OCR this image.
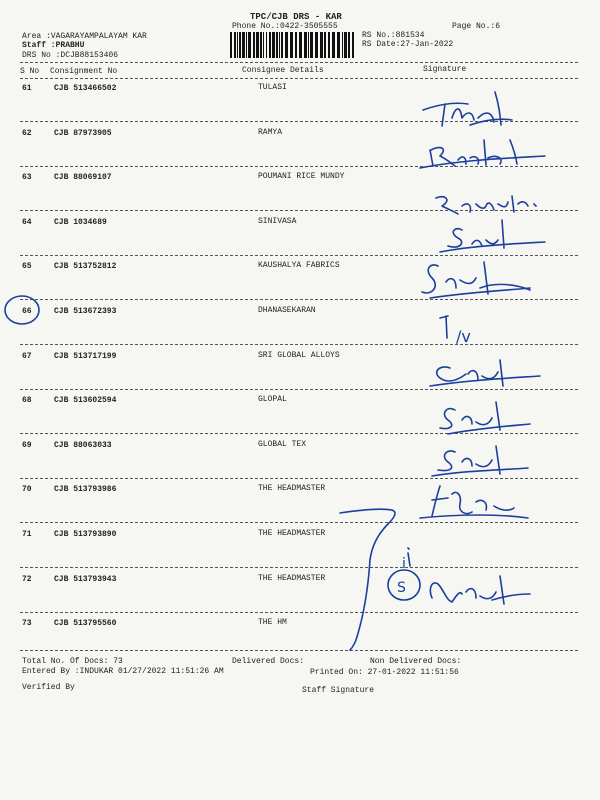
TPC/CJB DRS - KAR
Phone No.:0422-3505555	Page No.:6
Area :VAGARAYAMPALAYAM KAR
Staff :PRABHU
DRS No :DCJB88153406
RS No.:881534
RS Date:27-Jan-2022
S No Consignment No	Consignee Details	Signature
61	CJB 513466502	TULASI
62	CJB 87973905	RAMYA
63	CJB 88069107	POUMANI RICE MUNDY
64	CJB 1034689	SINIVASA
65	CJB 513752812	KAUSHALYA FABRICS
66	CJB 513672393	DHANASEKARAN
67	CJB 513717199	SRI GLOBAL ALLOYS
68	CJB 513602594	GLOPAL
69	CJB 88063033	GLOBAL TEX
70	CJB 513793986	THE HEADMASTER
71	CJB 513793890	THE HEADMASTER
72	CJB 513793943	THE HEADMASTER
73	CJB 513795560	THE HM
Total No. Of Docs: 73	Delivered Docs:	Non Delivered Docs:
Entered By :INDUKAR 01/27/2022 11:51:26 AM	Printed On: 27-01-2022 11:51:56
Verified By	Staff Signature
/v
S
i
